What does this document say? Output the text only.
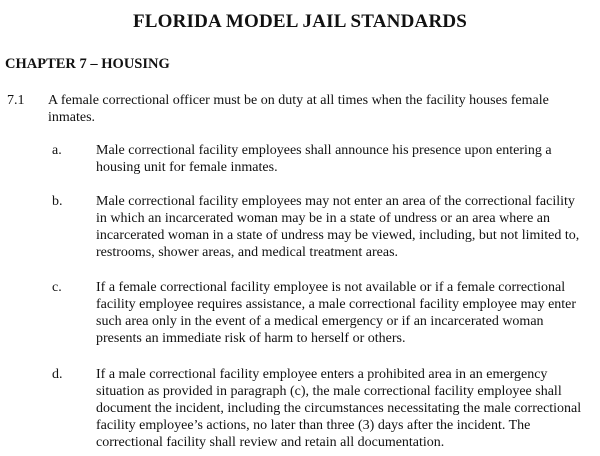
FLORIDA MODEL JAIL STANDARDS
CHAPTER 7 – HOUSING
7.1 A female correctional officer must be on duty at all times when the facility houses female inmates.
a. Male correctional facility employees shall announce his presence upon entering a housing unit for female inmates.
b. Male correctional facility employees may not enter an area of the correctional facility in which an incarcerated woman may be in a state of undress or an area where an incarcerated woman in a state of undress may be viewed, including, but not limited to, restrooms, shower areas, and medical treatment areas.
c. If a female correctional facility employee is not available or if a female correctional facility employee requires assistance, a male correctional facility employee may enter such area only in the event of a medical emergency or if an incarcerated woman presents an immediate risk of harm to herself or others.
d. If a male correctional facility employee enters a prohibited area in an emergency situation as provided in paragraph (c), the male correctional facility employee shall document the incident, including the circumstances necessitating the male correctional facility employee’s actions, no later than three (3) days after the incident. The correctional facility shall review and retain all documentation.
